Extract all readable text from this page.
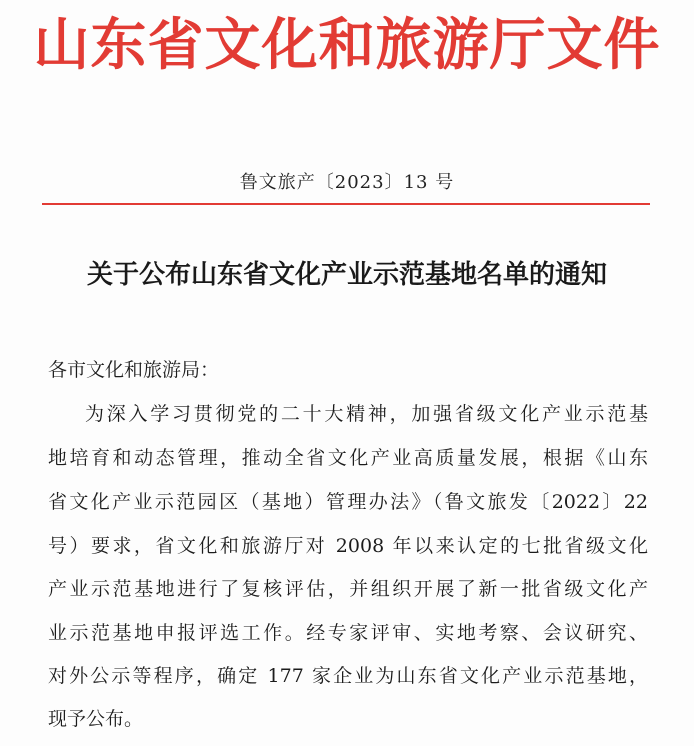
山东省文化和旅游厅文件
鲁文旅产〔2023〕13 号
关于公布山东省文化产业示范基地名单的通知
各市文化和旅游局：
为深入学习贯彻党的二十大精神，加强省级文化产业示范基
地培育和动态管理，推动全省文化产业高质量发展，根据《山东
省文化产业示范园区（基地）管理办法》（鲁文旅发〔2022〕22
号）要求，省文化和旅游厅对 2008 年以来认定的七批省级文化
产业示范基地进行了复核评估，并组织开展了新一批省级文化产
业示范基地申报评选工作。经专家评审、实地考察、会议研究、
对外公示等程序，确定 177 家企业为山东省文化产业示范基地，
现予公布。
